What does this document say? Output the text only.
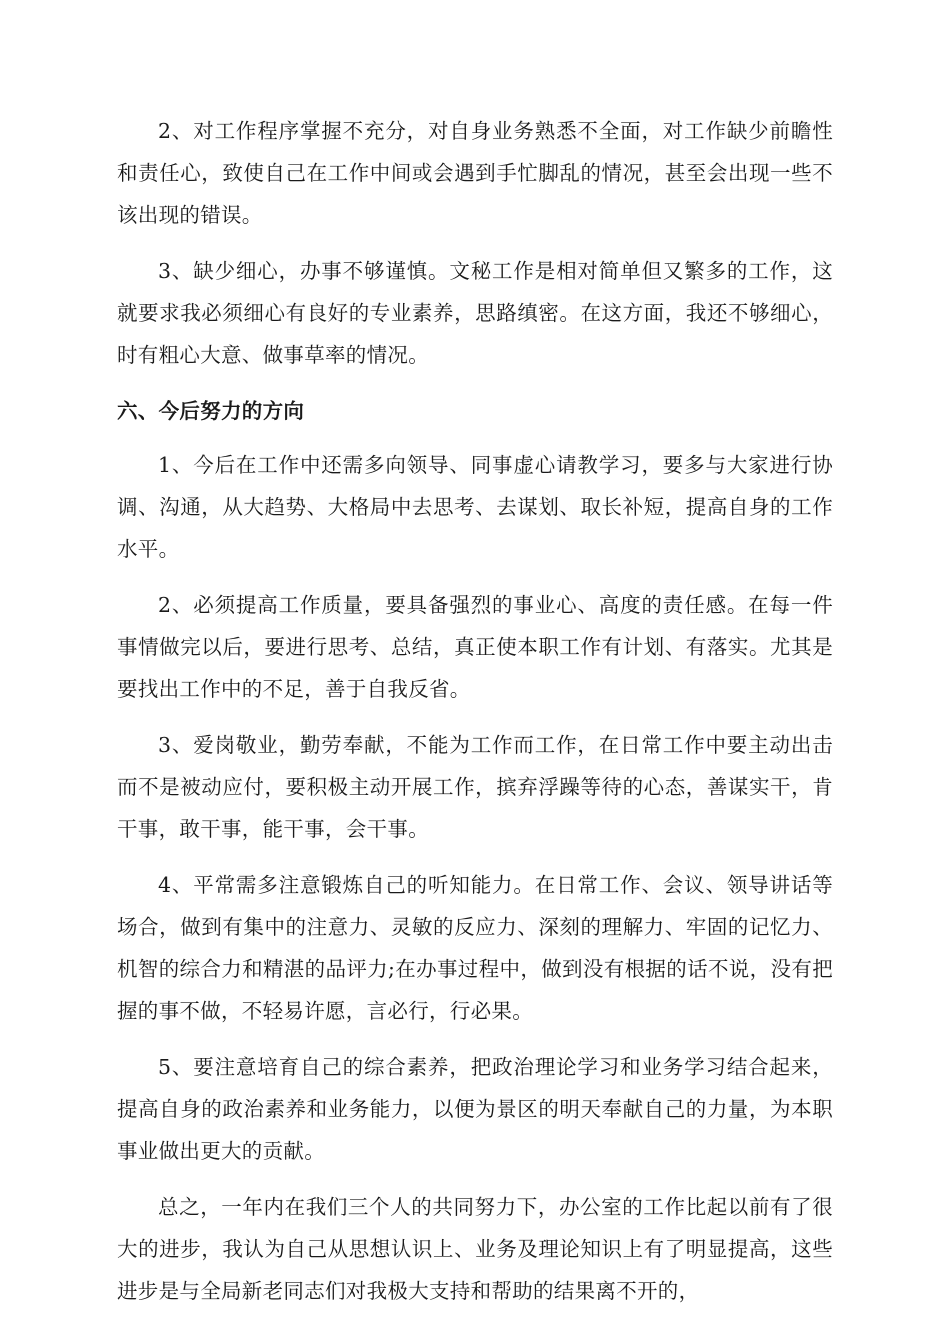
2、对工作程序掌握不充分，对自身业务熟悉不全面，对工作缺少前瞻性和责任心，致使自己在工作中间或会遇到手忙脚乱的情况，甚至会出现一些不该出现的错误。

3、缺少细心，办事不够谨慎。文秘工作是相对简单但又繁多的工作，这就要求我必须细心有良好的专业素养，思路缜密。在这方面，我还不够细心，时有粗心大意、做事草率的情况。

六、今后努力的方向

1、今后在工作中还需多向领导、同事虚心请教学习，要多与大家进行协调、沟通，从大趋势、大格局中去思考、去谋划、取长补短，提高自身的工作水平。

2、必须提高工作质量，要具备强烈的事业心、高度的责任感。在每一件事情做完以后，要进行思考、总结，真正使本职工作有计划、有落实。尤其是要找出工作中的不足，善于自我反省。

3、爱岗敬业，勤劳奉献，不能为工作而工作，在日常工作中要主动出击而不是被动应付，要积极主动开展工作，摈弃浮躁等待的心态，善谋实干，肯干事，敢干事，能干事，会干事。

4、平常需多注意锻炼自己的听知能力。在日常工作、会议、领导讲话等场合，做到有集中的注意力、灵敏的反应力、深刻的理解力、牢固的记忆力、机智的综合力和精湛的品评力;在办事过程中，做到没有根据的话不说，没有把握的事不做，不轻易许愿，言必行，行必果。

5、要注意培育自己的综合素养，把政治理论学习和业务学习结合起来，提高自身的政治素养和业务能力，以便为景区的明天奉献自己的力量，为本职事业做出更大的贡献。

总之，一年内在我们三个人的共同努力下，办公室的工作比起以前有了很大的进步，我认为自己从思想认识上、业务及理论知识上有了明显提高，这些进步是与全局新老同志们对我极大支持和帮助的结果离不开的，
